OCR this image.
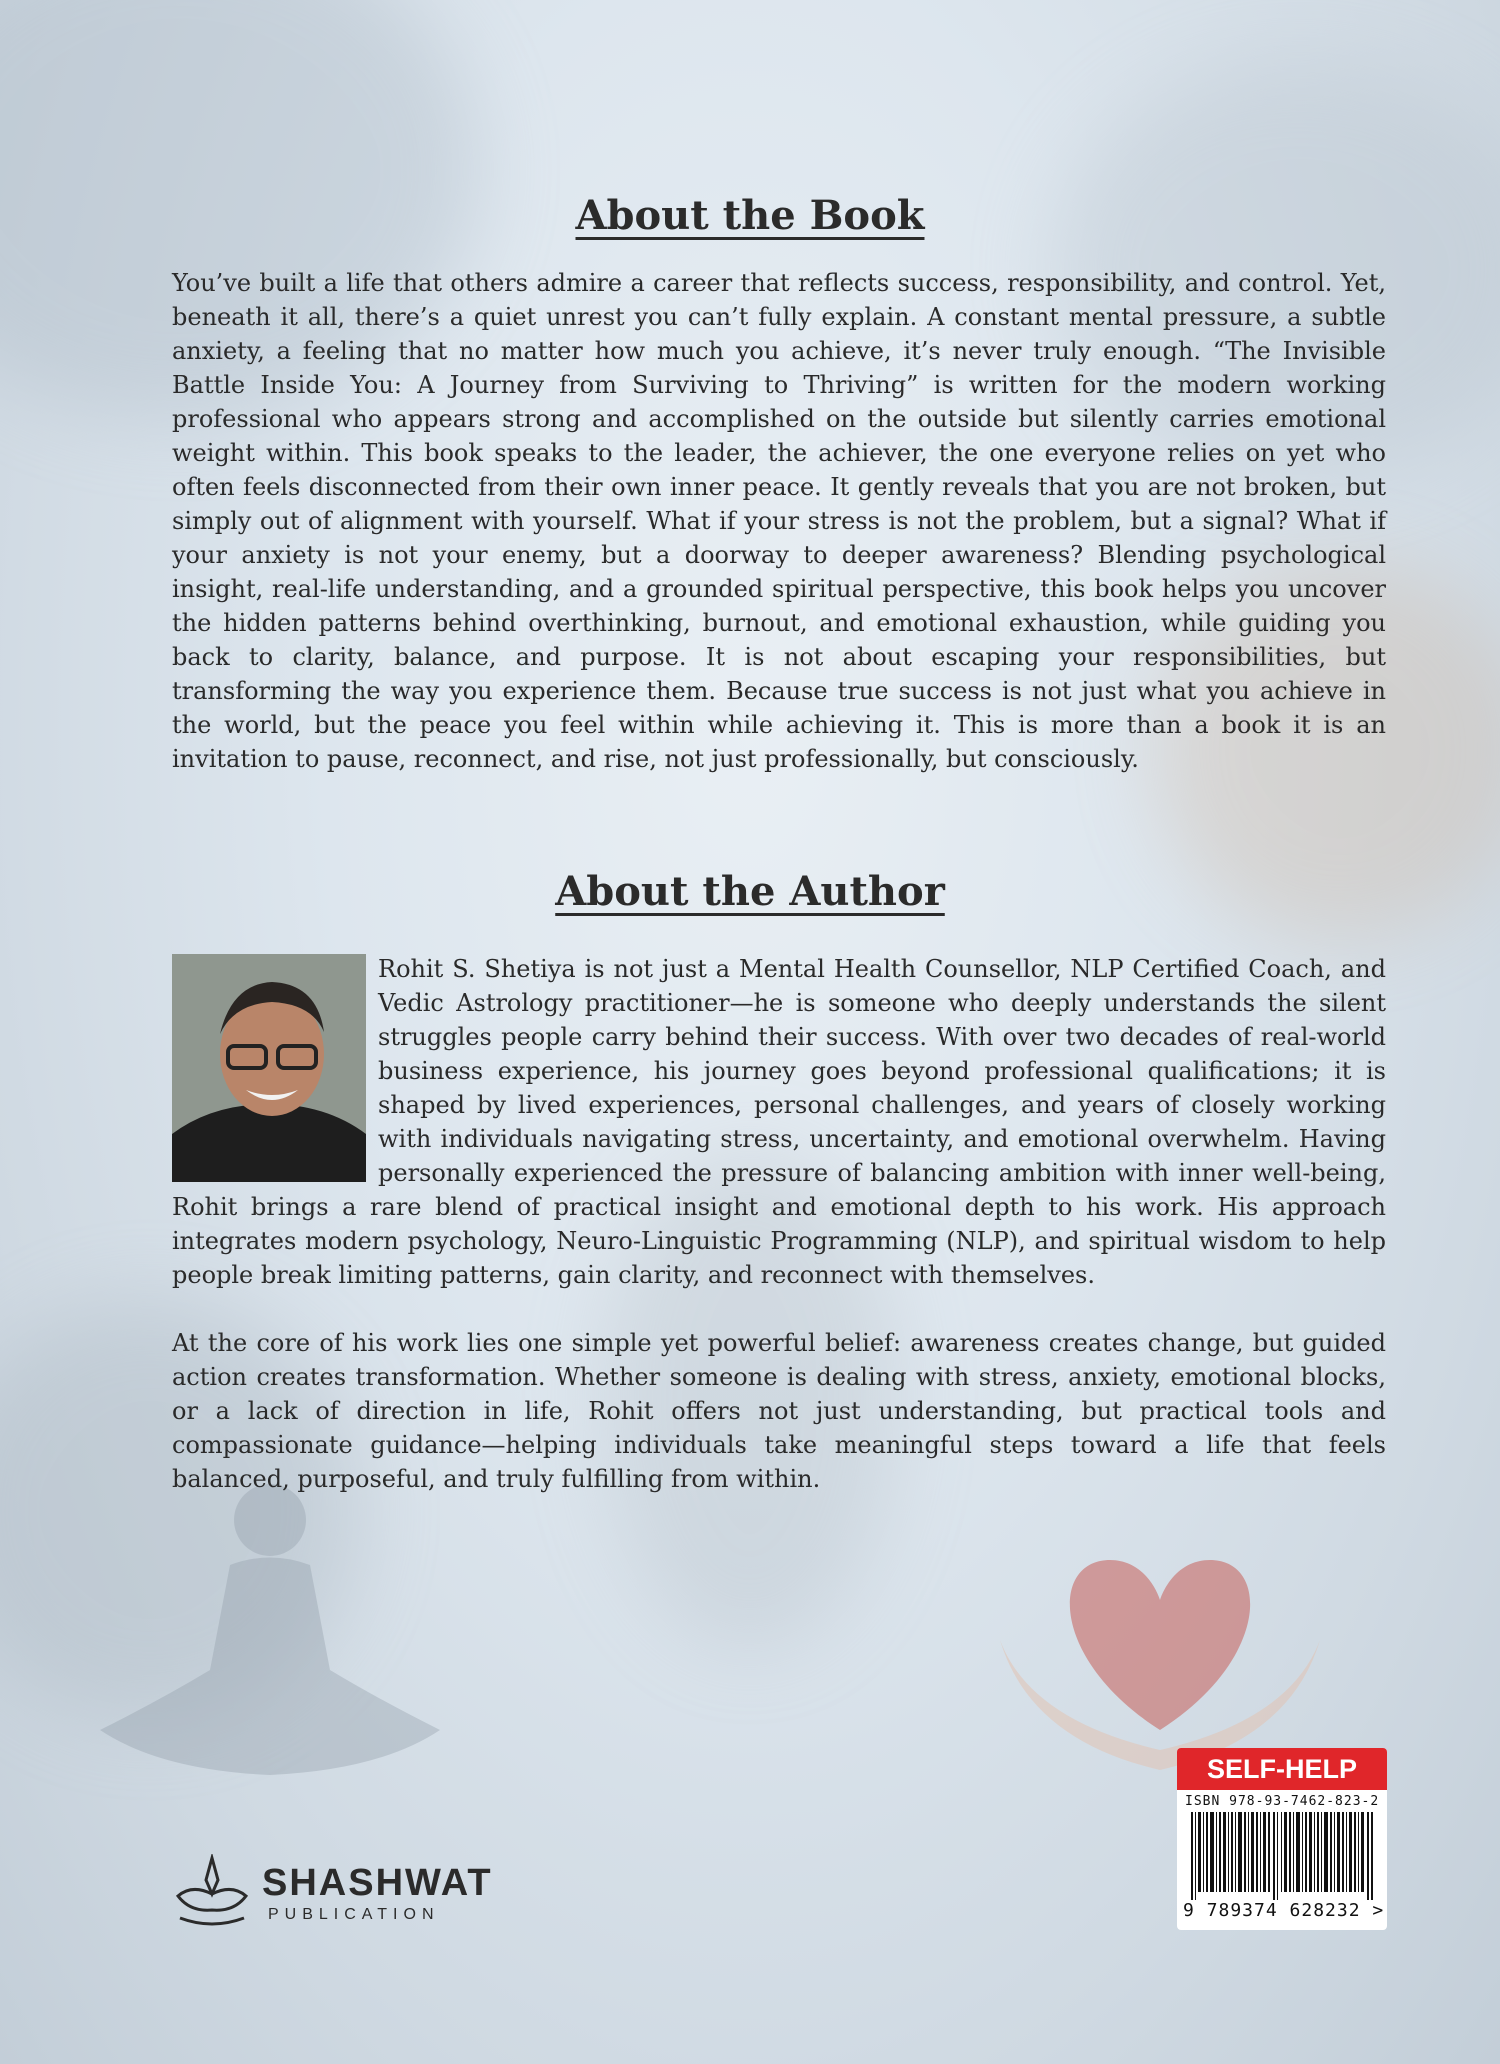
About the Book

You’ve built a life that others admire a career that reflects success, responsibility, and control. Yet, beneath it all, there’s a quiet unrest you can’t fully explain. A constant mental pressure, a subtle anxiety, a feeling that no matter how much you achieve, it’s never truly enough. “The Invisible Battle Inside You: A Journey from Surviving to Thriving” is written for the modern working professional who appears strong and accomplished on the outside but silently carries emotional weight within. This book speaks to the leader, the achiever, the one everyone relies on yet who often feels disconnected from their own inner peace. It gently reveals that you are not broken, but simply out of alignment with yourself. What if your stress is not the problem, but a signal? What if your anxiety is not your enemy, but a doorway to deeper awareness? Blending psychological insight, real-life understanding, and a grounded spiritual perspective, this book helps you uncover the hidden patterns behind overthinking, burnout, and emotional exhaustion, while guiding you back to clarity, balance, and purpose. It is not about escaping your responsibilities, but transforming the way you experience them. Because true success is not just what you achieve in the world, but the peace you feel within while achieving it. This is more than a book it is an invitation to pause, reconnect, and rise, not just professionally, but consciously.

About the Author

Rohit S. Shetiya is not just a Mental Health Counsellor, NLP Certified Coach, and Vedic Astrology practitioner—he is someone who deeply understands the silent struggles people carry behind their success. With over two decades of real-world business experience, his journey goes beyond professional qualifications; it is shaped by lived experiences, personal challenges, and years of closely working with individuals navigating stress, uncertainty, and emotional overwhelm. Having personally experienced the pressure of balancing ambition with inner well-being, Rohit brings a rare blend of practical insight and emotional depth to his work. His approach integrates modern psychology, Neuro-Linguistic Programming (NLP), and spiritual wisdom to help people break limiting patterns, gain clarity, and reconnect with themselves.

At the core of his work lies one simple yet powerful belief: awareness creates change, but guided action creates transformation. Whether someone is dealing with stress, anxiety, emotional blocks, or a lack of direction in life, Rohit offers not just understanding, but practical tools and compassionate guidance—helping individuals take meaningful steps toward a life that feels balanced, purposeful, and truly fulfilling from within.

SHASHWAT
PUBLICATION
SELF-HELP
ISBN 978-93-7462-823-2
9 789374 628232 >
